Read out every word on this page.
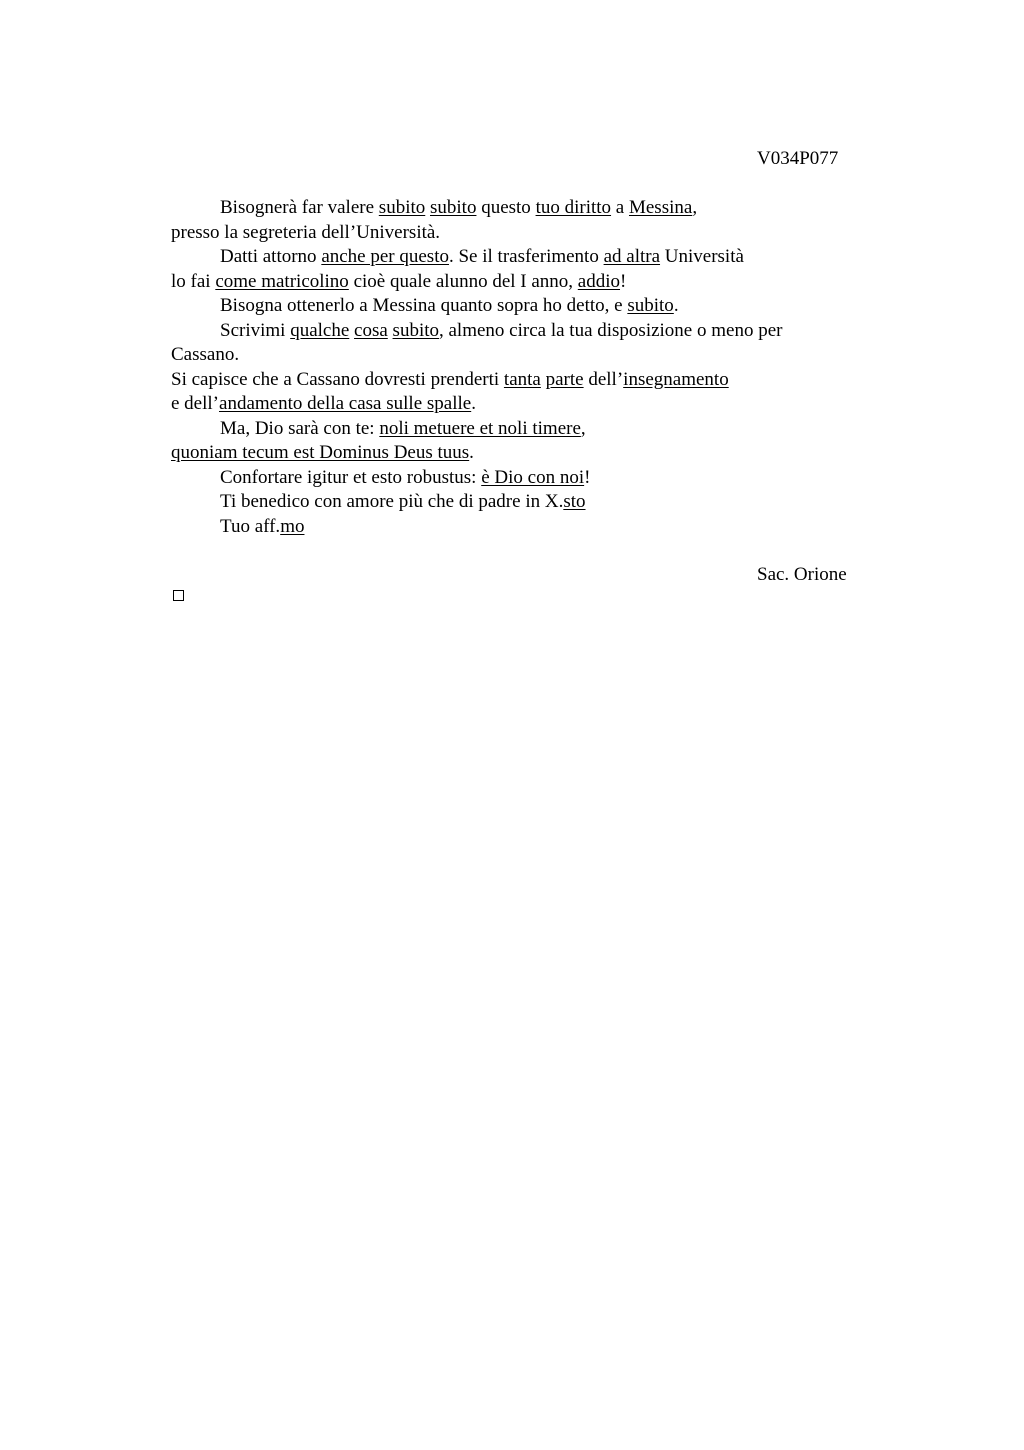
V034P077
Bisognerà far valere subito subito questo tuo diritto a Messina,
presso la segreteria dell’Università.
Datti attorno anche per questo. Se il trasferimento ad altra Università
lo fai come matricolino cioè quale alunno del I anno, addio!
Bisogna ottenerlo a Messina quanto sopra ho detto, e subito.
Scrivimi qualche cosa subito, almeno circa la tua disposizione o meno per
Cassano.
Si capisce che a Cassano dovresti prenderti tanta parte dell’insegnamento
e dell’andamento della casa sulle spalle.
Ma, Dio sarà con te: noli metuere et noli timere,
quoniam tecum est Dominus Deus tuus.
Confortare igitur et esto robustus: è Dio con noi!
Ti benedico con amore più che di padre in X.sto
Tuo aff.mo
Sac. Orione
